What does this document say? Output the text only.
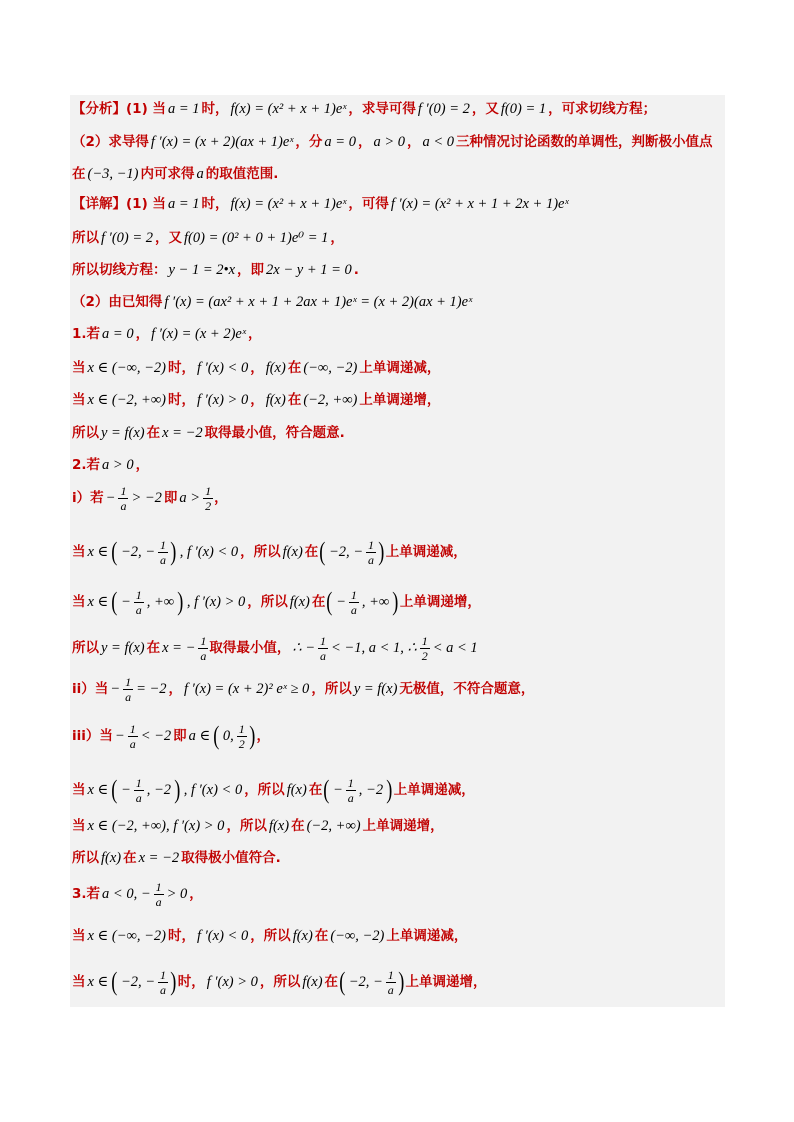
【分析】(1) 当 a = 1 时， f(x) = (x² + x + 1)eˣ ，求导可得 f ′(0) = 2 ，又 f(0) = 1 ，可求切线方程；
（2）求导得 f ′(x) = (x + 2)(ax + 1)eˣ ，分 a = 0 ， a > 0 ， a < 0 三种情况讨论函数的单调性，判断极小值点
在 (−3, −1) 内可求得 a 的取值范围.
【详解】(1) 当 a = 1 时， f(x) = (x² + x + 1)eˣ ，可得 f ′(x) = (x² + x + 1 + 2x + 1)eˣ
所以 f ′(0) = 2 ，又 f(0) = (0² + 0 + 1)e⁰ = 1 ，
所以切线方程： y − 1 = 2•x ，即 2x − y + 1 = 0 .
（2）由已知得 f ′(x) = (ax² + x + 1 + 2ax + 1)eˣ = (x + 2)(ax + 1)eˣ
1.若 a = 0 ， f ′(x) = (x + 2)eˣ ，
当 x ∈ (−∞, −2) 时， f ′(x) < 0 ， f(x) 在 (−∞, −2) 上单调递减，
当 x ∈ (−2, +∞) 时， f ′(x) > 0 ， f(x) 在 (−2, +∞) 上单调递增，
所以 y = f(x) 在 x = −2 取得最小值，符合题意.
2.若 a > 0 ，
i）若 − $\frac{1}{a} > -2$ 即 $a > \frac{1}{2}$ ，
当 x ∈ ( −2, − $\frac{1}{a}$ ) , f ′(x) < 0 ，所以 f(x) 在 ( −2, − $\frac{1}{a}$ ) 上单调递减，
当 x ∈ ( − $\frac{1}{a}$ , +∞ ) , f ′(x) > 0 ，所以 f(x) 在 ( − $\frac{1}{a}$ , +∞ ) 上单调递增，
所以 y = f(x) 在 x = − $\frac{1}{a}$ 取得最小值， ∴ − $\frac{1}{a} < -1$, a < 1, ∴ $\frac{1}{2} < a < 1$
ii）当 − $\frac{1}{a} = -2$ ， f ′(x) = (x + 2)² eˣ ≥ 0 ，所以 y = f(x) 无极值，不符合题意，
iii）当 − $\frac{1}{a} < -2$ 即 a ∈ ( 0, $\frac{1}{2}$ ) ，
当 x ∈ ( − $\frac{1}{a}$ , −2 ) , f ′(x) < 0 ，所以 f(x) 在 ( − $\frac{1}{a}$ , −2 ) 上单调递减，
当 x ∈ (−2, +∞), f ′(x) > 0 ，所以 f(x) 在 (−2, +∞) 上单调递增，
所以 f(x) 在 x = −2 取得极小值符合.
3.若 a < 0, − $\frac{1}{a} > 0$ ，
当 x ∈ (−∞, −2) 时， f ′(x) < 0 ，所以 f(x) 在 (−∞, −2) 上单调递减，
当 x ∈ ( −2, − $\frac{1}{a}$ ) 时， f ′(x) > 0 ，所以 f(x) 在 ( −2, − $\frac{1}{a}$ ) 上单调递增，
